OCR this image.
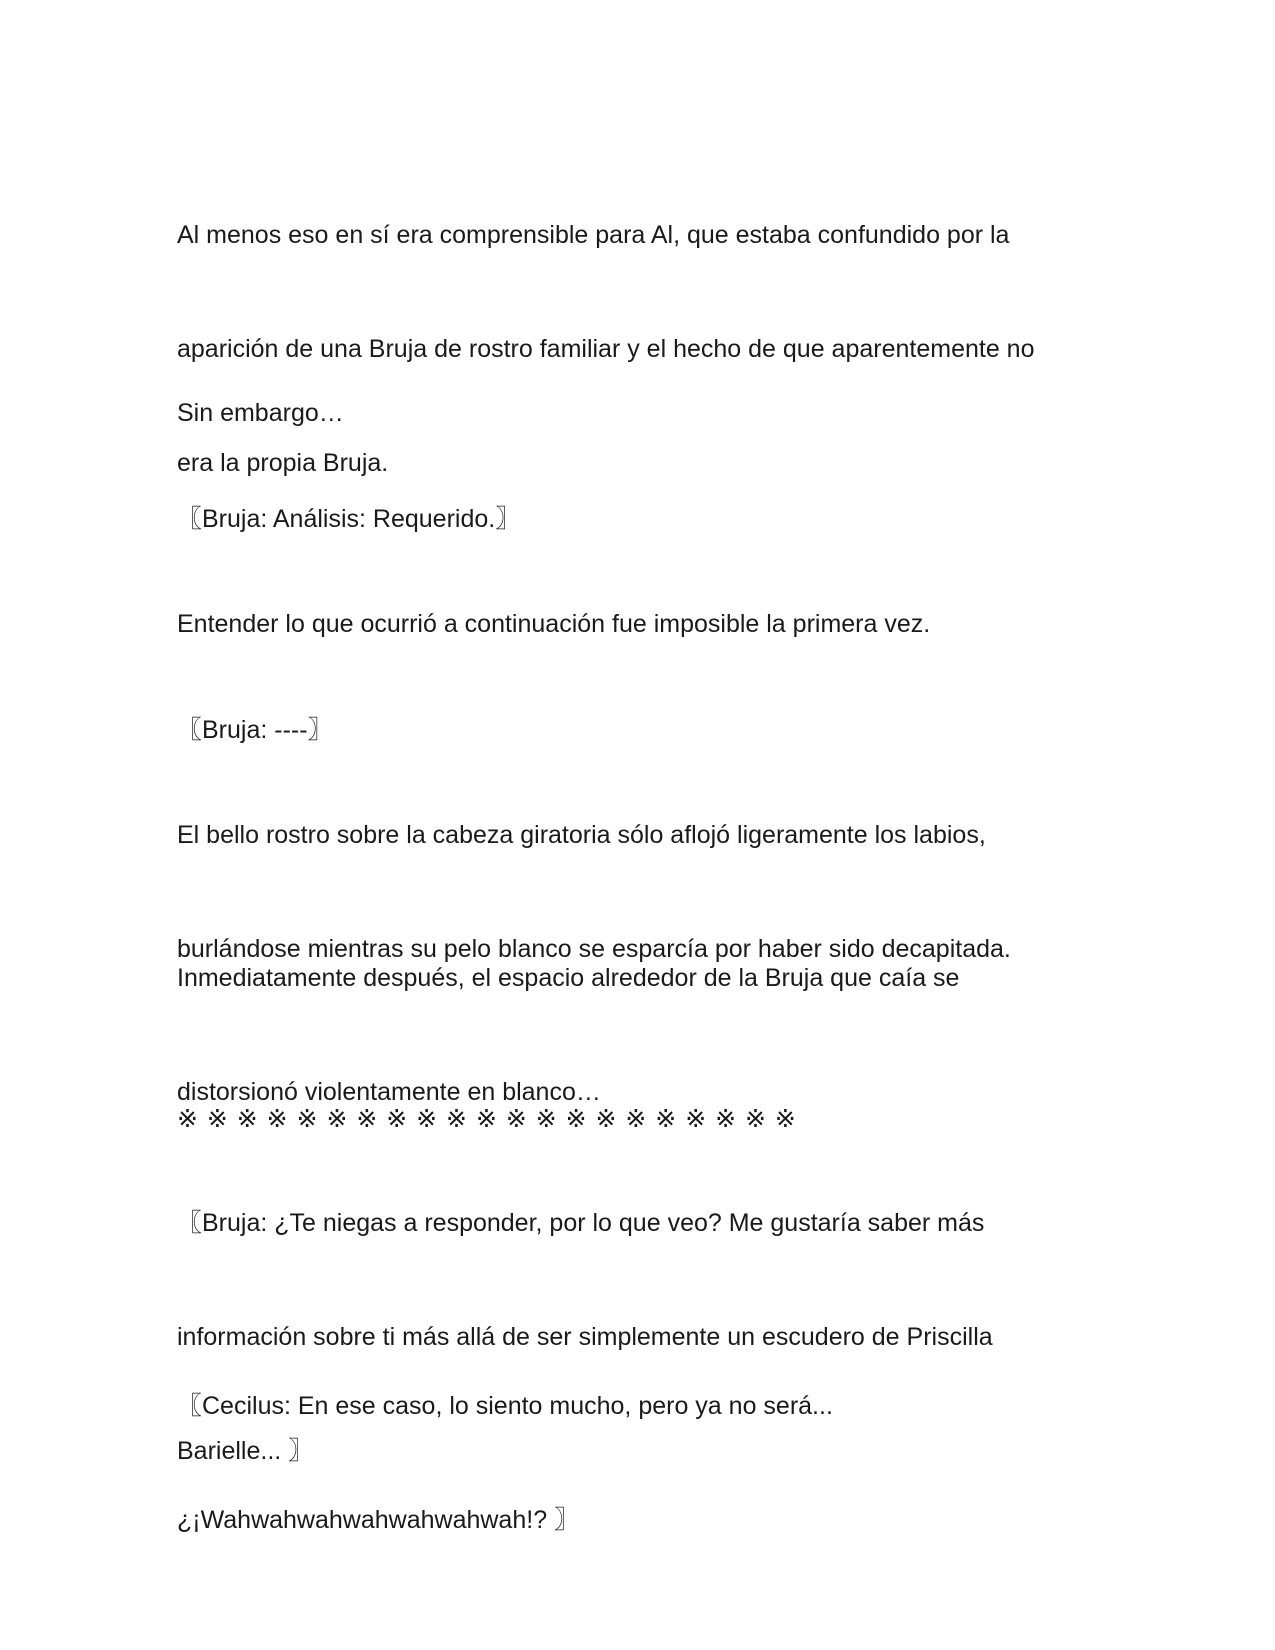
Al menos eso en sí era comprensible para Al, que estaba confundido por la

aparición de una Bruja de rostro familiar y el hecho de que aparentemente no

era la propia Bruja.

Sin embargo…

〖Bruja: Análisis: Requerido.〗

Entender lo que ocurrió a continuación fue imposible la primera vez.

〖Bruja: ----〗

El bello rostro sobre la cabeza giratoria sólo aflojó ligeramente los labios,

burlándose mientras su pelo blanco se esparcía por haber sido decapitada.

Inmediatamente después, el espacio alrededor de la Bruja que caía se

distorsionó violentamente en blanco…

※ ※ ※ ※ ※ ※ ※ ※ ※ ※ ※ ※ ※ ※ ※ ※ ※ ※ ※ ※ ※

〖Bruja: ¿Te niegas a responder, por lo que veo? Me gustaría saber más

información sobre ti más allá de ser simplemente un escudero de Priscilla

Barielle... 〗

〖Cecilus: En ese caso, lo siento mucho, pero ya no será...

¿¡Wahwahwahwahwahwahwah!? 〗
